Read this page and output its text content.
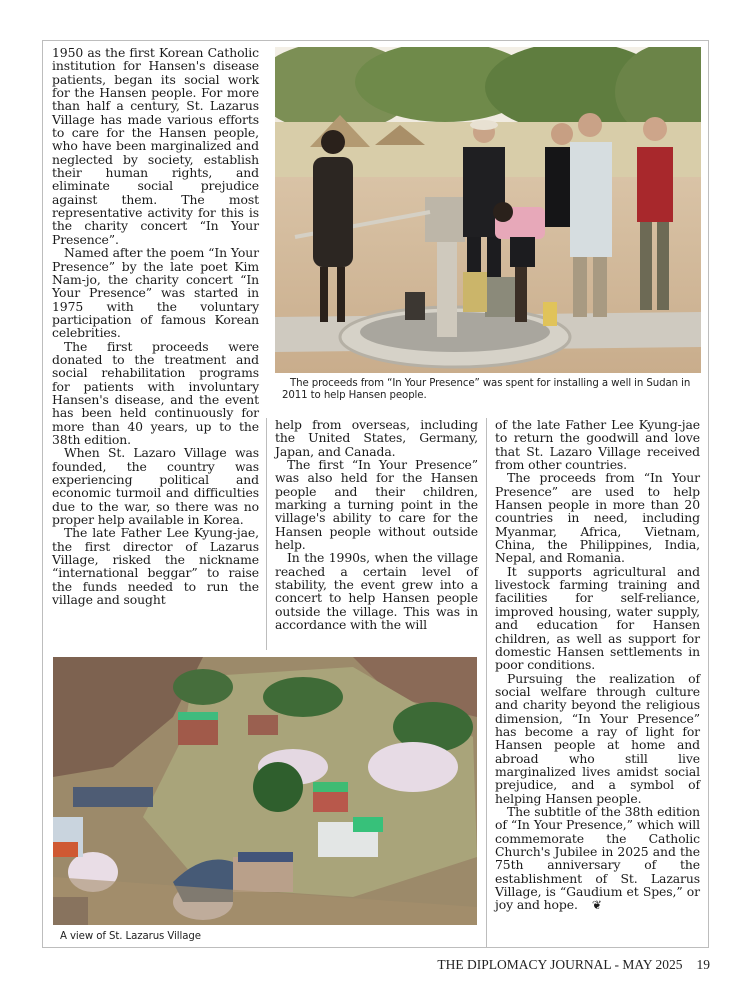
1950 as the first Korean Catholic institution for Hansen's disease patients, began its social work for the Hansen people. For more than half a century, St. Lazarus Village has made various efforts to care for the Hansen people, who have been marginalized and neglected by society, establish their human rights, and eliminate social prejudice against them. The most representative activity for this is the charity concert “In Your Presence”.

Named after the poem “In Your Presence” by the late poet Kim Nam-jo, the charity concert “In Your Presence” was started in 1975 with the voluntary participation of famous Korean celebrities.

The first proceeds were donated to the treatment and social rehabilitation programs for patients with involuntary Hansen's disease, and the event has been held continuously for more than 40 years, up to the 38th edition.

When St. Lazaro Village was founded, the country was experiencing political and economic turmoil and difficulties due to the war, so there was no proper help available in Korea.

The late Father Lee Kyung-jae, the first director of Lazarus Village, risked the nickname “international beggar” to raise the funds needed to run the village and sought

The proceeds from “In Your Presence” was spent for installing a well in Sudan in 2011 to help Hansen people.

help from overseas, including the United States, Germany, Japan, and Canada.

The first “In Your Presence” was also held for the Hansen people and their children, marking a turning point in the village's ability to care for the Hansen people without outside help.

In the 1990s, when the village reached a certain level of stability, the event grew into a concert to help Hansen people outside the village. This was in accordance with the will

of the late Father Lee Kyung-jae to return the goodwill and love that St. Lazaro Village received from other countries.

The proceeds from “In Your Presence” are used to help Hansen people in more than 20 countries in need, including Myanmar, Africa, Vietnam, China, the Philippines, India, Nepal, and Romania.

It supports agricultural and livestock farming training and facilities for self-reliance, improved housing, water supply, and education for Hansen children, as well as support for domestic Hansen settlements in poor conditions.

Pursuing the realization of social welfare through culture and charity beyond the religious dimension, “In Your Presence” has become a ray of light for Hansen people at home and abroad who still live marginalized lives amidst social prejudice, and a symbol of helping Hansen people.

The subtitle of the 38th edition of “In Your Presence,” which will commemorate the Catholic Church's Jubilee in 2025 and the 75th anniversary of the establishment of St. Lazarus Village, is “Gaudium et Spes,” or joy and hope. ❦

A view of St. Lazarus Village
THE DIPLOMACY JOURNAL - MAY 2025 19
